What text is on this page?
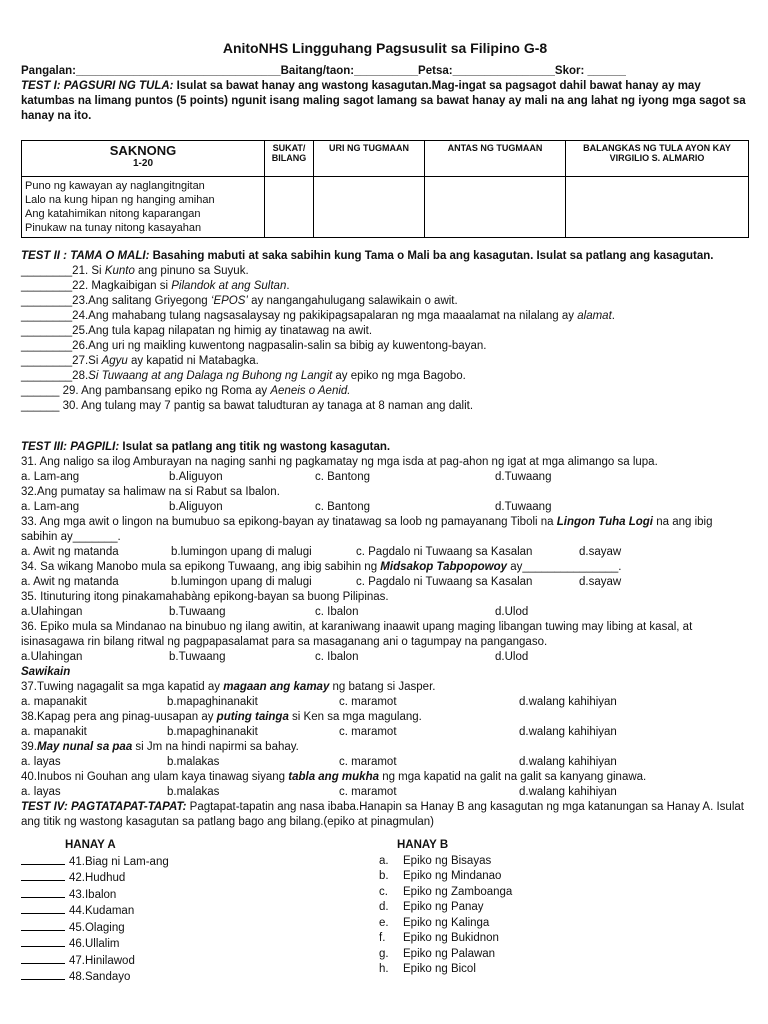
AnitoNHS Lingguhang Pagsusulit sa Filipino G-8
Pangalan:________________________________Baitang/taon:__________Petsa:________________Skor: ______

TEST I: PAGSURI NG TULA: Isulat sa bawat hanay ang wastong kasagutan.Mag-ingat sa pagsagot dahil bawat hanay ay may katumbas na limang puntos (5 points) ngunit isang maling sagot lamang sa bawat hanay ay mali na ang lahat ng iyong mga sagot sa hanay na ito.

SAKNONG
1-20	SUKAT/ BILANG	URI NG TUGMAAN	ANTAS NG TUGMAAN	BALANGKAS NG TULA AYON KAY VIRGILIO S. ALMARIO

Puno ng kawayan ay naglangitngitan
Lalo na kung hipan ng hanging amihan
Ang katahimikan nitong kaparangan
Pinukaw na tunay nitong kasayahan				

TEST II : TAMA O MALI: Basahing mabuti at saka sabihin kung Tama o Mali ba ang kasagutan. Isulat sa patlang ang kasagutan.

________21. Si Kunto ang pinuno sa Suyuk.
________22. Magkaibigan si Pilandok at ang Sultan.
________23.Ang salitang Griyegong ‘EPOS’ ay nangangahulugang salawikain o awit.
________24.Ang mahabang tulang nagsasalaysay ng pakikipagsapalaran ng mga maaalamat na nilalang ay alamat.
________25.Ang tula kapag nilapatan ng himig ay tinatawag na awit.
________26.Ang uri ng maikling kuwentong nagpasalin-salin sa bibig ay kuwentong-bayan.
________27.Si Agyu ay kapatid ni Matabagka.
________28.Si Tuwaang at ang Dalaga ng Buhong ng Langit ay epiko ng mga Bagobo.
______ 29. Ang pambansang epiko ng Roma ay Aeneis o Aenid.
______ 30. Ang tulang may 7 pantig sa bawat taludturan ay tanaga at 8 naman ang dalit.

TEST III: PAGPILI: Isulat sa patlang ang titik ng wastong kasagutan.

31. Ang naligo sa ilog Amburayan na naging sanhi ng pagkamatay ng mga isda at pag-ahon ng igat at mga alimango sa lupa.
a. Lam-ang	b.Aliguyon	c. Bantong	d.Tuwaang
32.Ang pumatay sa halimaw na si Rabut sa Ibalon.
a. Lam-ang	b.Aliguyon	c. Bantong	d.Tuwaang
33. Ang mga awit o lingon na bumubuo sa epikong-bayan ay tinatawag sa loob ng pamayanang Tiboli na Lingon Tuha Logi na ang ibig sabihin ay_______.
a. Awit ng matanda	b.lumingon upang di malugi	c. Pagdalo ni Tuwaang sa Kasalan	d.sayaw
34. Sa wikang Manobo mula sa epikong Tuwaang, ang ibig sabihin ng Midsakop Tabpopowoy ay_______________.
a. Awit ng matanda	b.lumingon upang di malugi	c. Pagdalo ni Tuwaang sa Kasalan	d.sayaw
35. Itinuturing itong pinakamahabàng epikong-bayan sa buong Pilipinas.
a.Ulahingan	b.Tuwaang	c. Ibalon	d.Ulod
36. Epiko mula sa Mindanao na binubuo ng ilang awitin, at karaniwang inaawit upang maging libangan tuwing may libing at kasal, at isinasagawa rin bilang ritwal ng pagpapasalamat para sa masaganang ani o tagumpay na pangangaso.
a.Ulahingan	b.Tuwaang	c. Ibalon	d.Ulod
Sawikain
37.Tuwing nagagalit sa mga kapatid ay magaan ang kamay ng batang si Jasper.
a. mapanakit	b.mapaghinanakit	c. maramot	d.walang kahihiyan
38.Kapag pera ang pinag-uusapan ay puting tainga si Ken sa mga magulang.
a. mapanakit	b.mapaghinanakit	c. maramot	d.walang kahihiyan
39.May nunal sa paa si Jm na hindi napirmi sa bahay.
a. layas	b.malakas	c. maramot	d.walang kahihiyan
40.Inubos ni Gouhan ang ulam kaya tinawag siyang tabla ang mukha ng mga kapatid na galit na galit sa kanyang ginawa.
a. layas	b.malakas	c. maramot	d.walang kahihiyan

TEST IV: PAGTATAPAT-TAPAT: Pagtapat-tapatin ang nasa ibaba.Hanapin sa Hanay B ang kasagutan ng mga katanungan sa Hanay A. Isulat ang titik ng wastong kasagutan sa patlang bago ang bilang.(epiko at pinagmulan)

HANAY A
41.Biag ni Lam-ang
42.Hudhud
43.Ibalon
44.Kudaman
45.Olaging
46.Ullalim
47.Hinilawod
48.Sandayo
HANAY B
a. Epiko ng Bisayas
b. Epiko ng Mindanao
c. Epiko ng Zamboanga
d. Epiko ng Panay
e. Epiko ng Kalinga
f. Epiko ng Bukidnon
g. Epiko ng Palawan
h. Epiko ng Bicol
